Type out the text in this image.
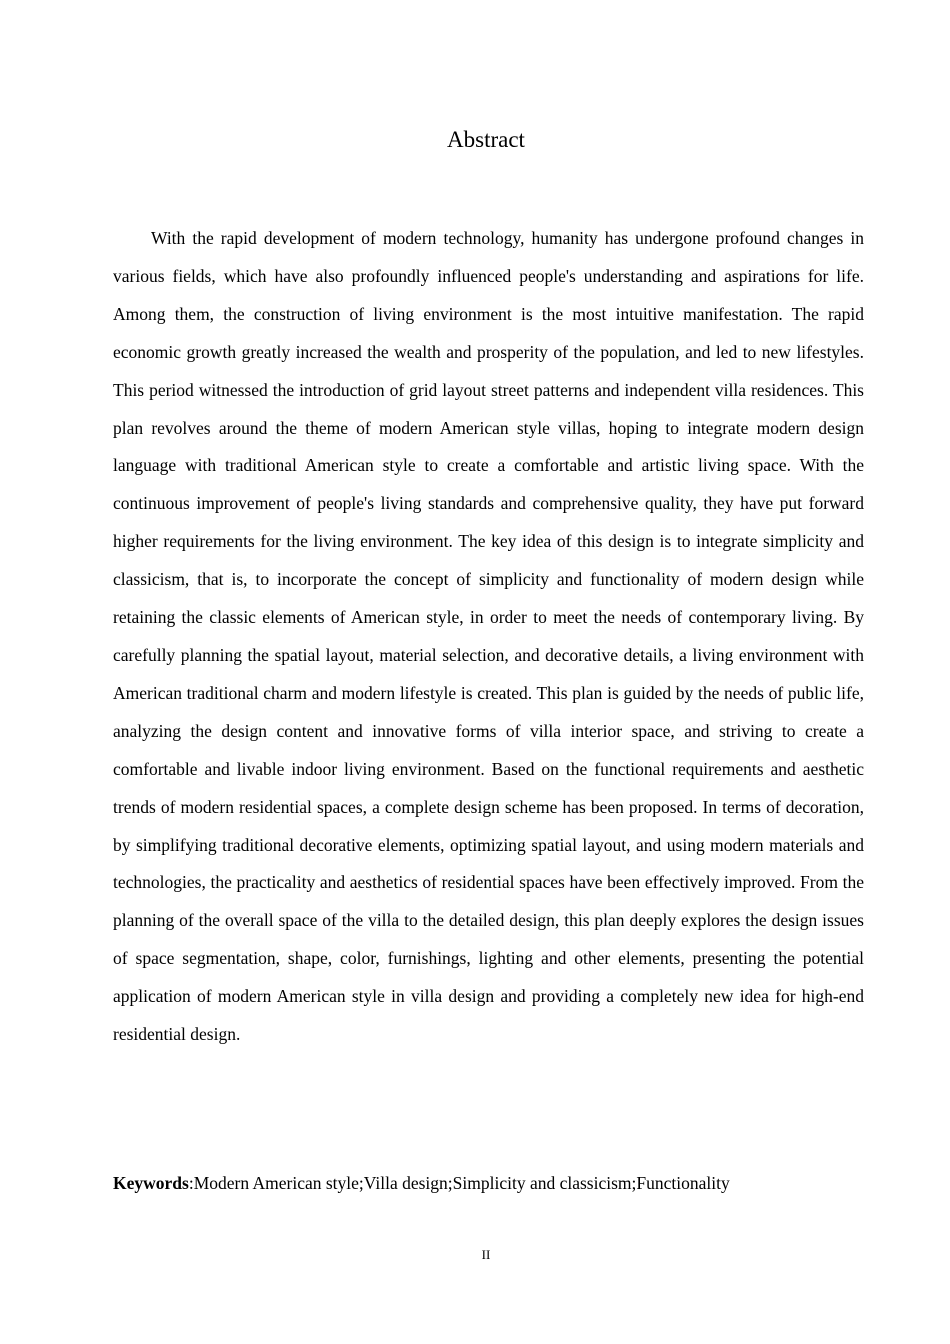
Abstract

With the rapid development of modern technology, humanity has undergone profound changes in various fields, which have also profoundly influenced people's understanding and aspirations for life. Among them, the construction of living environment is the most intuitive manifestation. The rapid economic growth greatly increased the wealth and prosperity of the population, and led to new lifestyles. This period witnessed the introduction of grid layout street patterns and independent villa residences. This plan revolves around the theme of modern American style villas, hoping to integrate modern design language with traditional American style to create a comfortable and artistic living space. With the continuous improvement of people's living standards and comprehensive quality, they have put forward higher requirements for the living environment. The key idea of this design is to integrate simplicity and classicism, that is, to incorporate the concept of simplicity and functionality of modern design while retaining the classic elements of American style, in order to meet the needs of contemporary living. By carefully planning the spatial layout, material selection, and decorative details, a living environment with American traditional charm and modern lifestyle is created. This plan is guided by the needs of public life, analyzing the design content and innovative forms of villa interior space, and striving to create a comfortable and livable indoor living environment. Based on the functional requirements and aesthetic trends of modern residential spaces, a complete design scheme has been proposed. In terms of decoration, by simplifying traditional decorative elements, optimizing spatial layout, and using modern materials and technologies, the practicality and aesthetics of residential spaces have been effectively improved. From the planning of the overall space of the villa to the detailed design, this plan deeply explores the design issues of space segmentation, shape, color, furnishings, lighting and other elements, presenting the potential application of modern American style in villa design and providing a completely new idea for high-end residential design.

Keywords:Modern American style;Villa design;Simplicity and classicism;Functionality
II
